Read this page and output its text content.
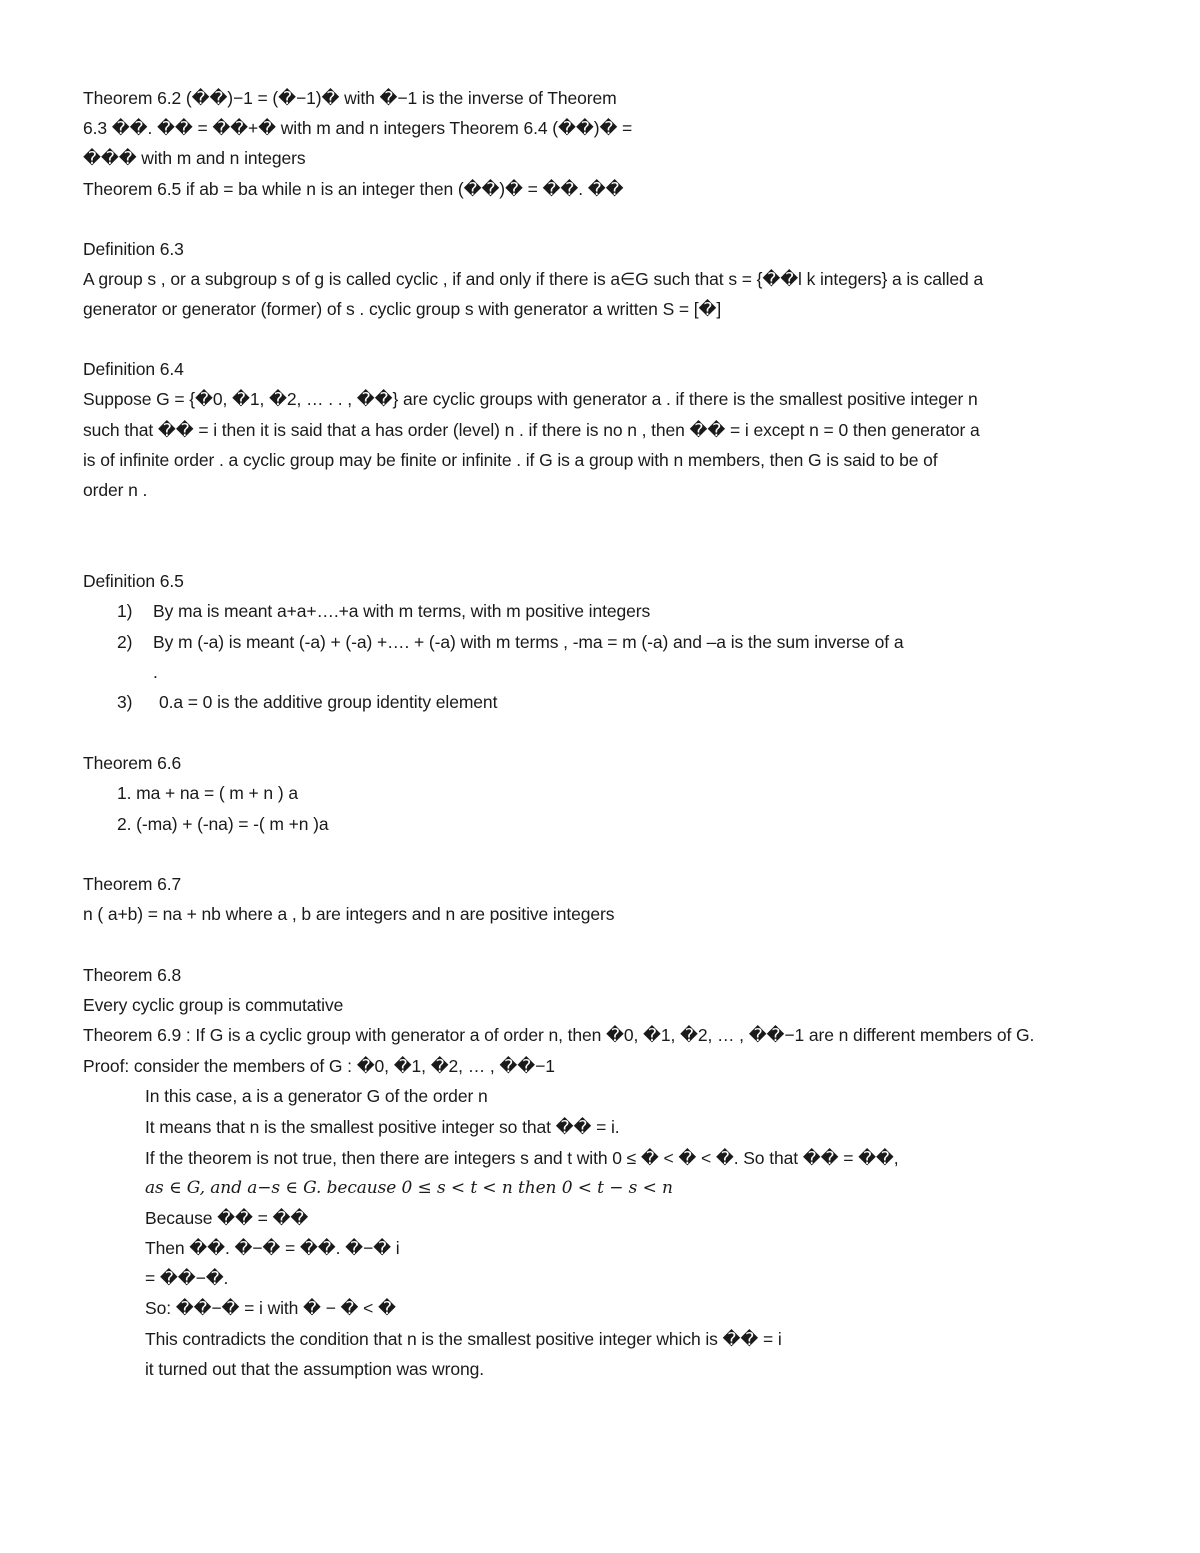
Theorem 6.2 (��)−1 = (�−1)� with �−1 is the inverse of Theorem
6.3 ��. �� = ��+� with m and n integers Theorem 6.4 (��)� =
��� with m and n integers
Theorem 6.5 if ab = ba while n is an integer then (��)� = ��. ��
Definition 6.3
A group s , or a subgroup s of g is called cyclic , if and only if there is a∈G such that s = {��l k integers} a is called a
generator or generator (former) of s . cyclic group s with generator a written S = [�]
Definition 6.4
Suppose G = {�0, �1, �2, … . . , ��} are cyclic groups with generator a . if there is the smallest positive integer n
such that �� = i then it is said that a has order (level) n . if there is no n , then �� = i except n = 0 then generator a
is of infinite order . a cyclic group may be finite or infinite . if G is a group with n members, then G is said to be of
order n .
Definition 6.5
1) By ma is meant a+a+….+a with m terms, with m positive integers
2) By m (-a) is meant (-a) + (-a) +…. + (-a) with m terms , -ma = m (-a) and –a is the sum inverse of a
.
3) 0.a = 0 is the additive group identity element
Theorem 6.6
1. ma + na = ( m + n ) a
2. (-ma) + (-na) = -( m +n )a
Theorem 6.7
n ( a+b) = na + nb where a , b are integers and n are positive integers
Theorem 6.8
Every cyclic group is commutative
Theorem 6.9 : If G is a cyclic group with generator a of order n, then �0, �1, �2, … , ��−1 are n different members of G.
Proof: consider the members of G : �0, �1, �2, … , ��−1
In this case, a is a generator G of the order n
It means that n is the smallest positive integer so that �� = i.
If the theorem is not true, then there are integers s and t with 0 ≤ � < � < �. So that �� = ��,
as ∈ G, and a−s ∈ G. because 0 ≤ s < t < n then 0 < t − s < n
Because �� = ��
Then ��. �−� = ��. �−� i
= ��−�.
So: ��−� = i with � − � < �
This contradicts the condition that n is the smallest positive integer which is �� = i
it turned out that the assumption was wrong.
